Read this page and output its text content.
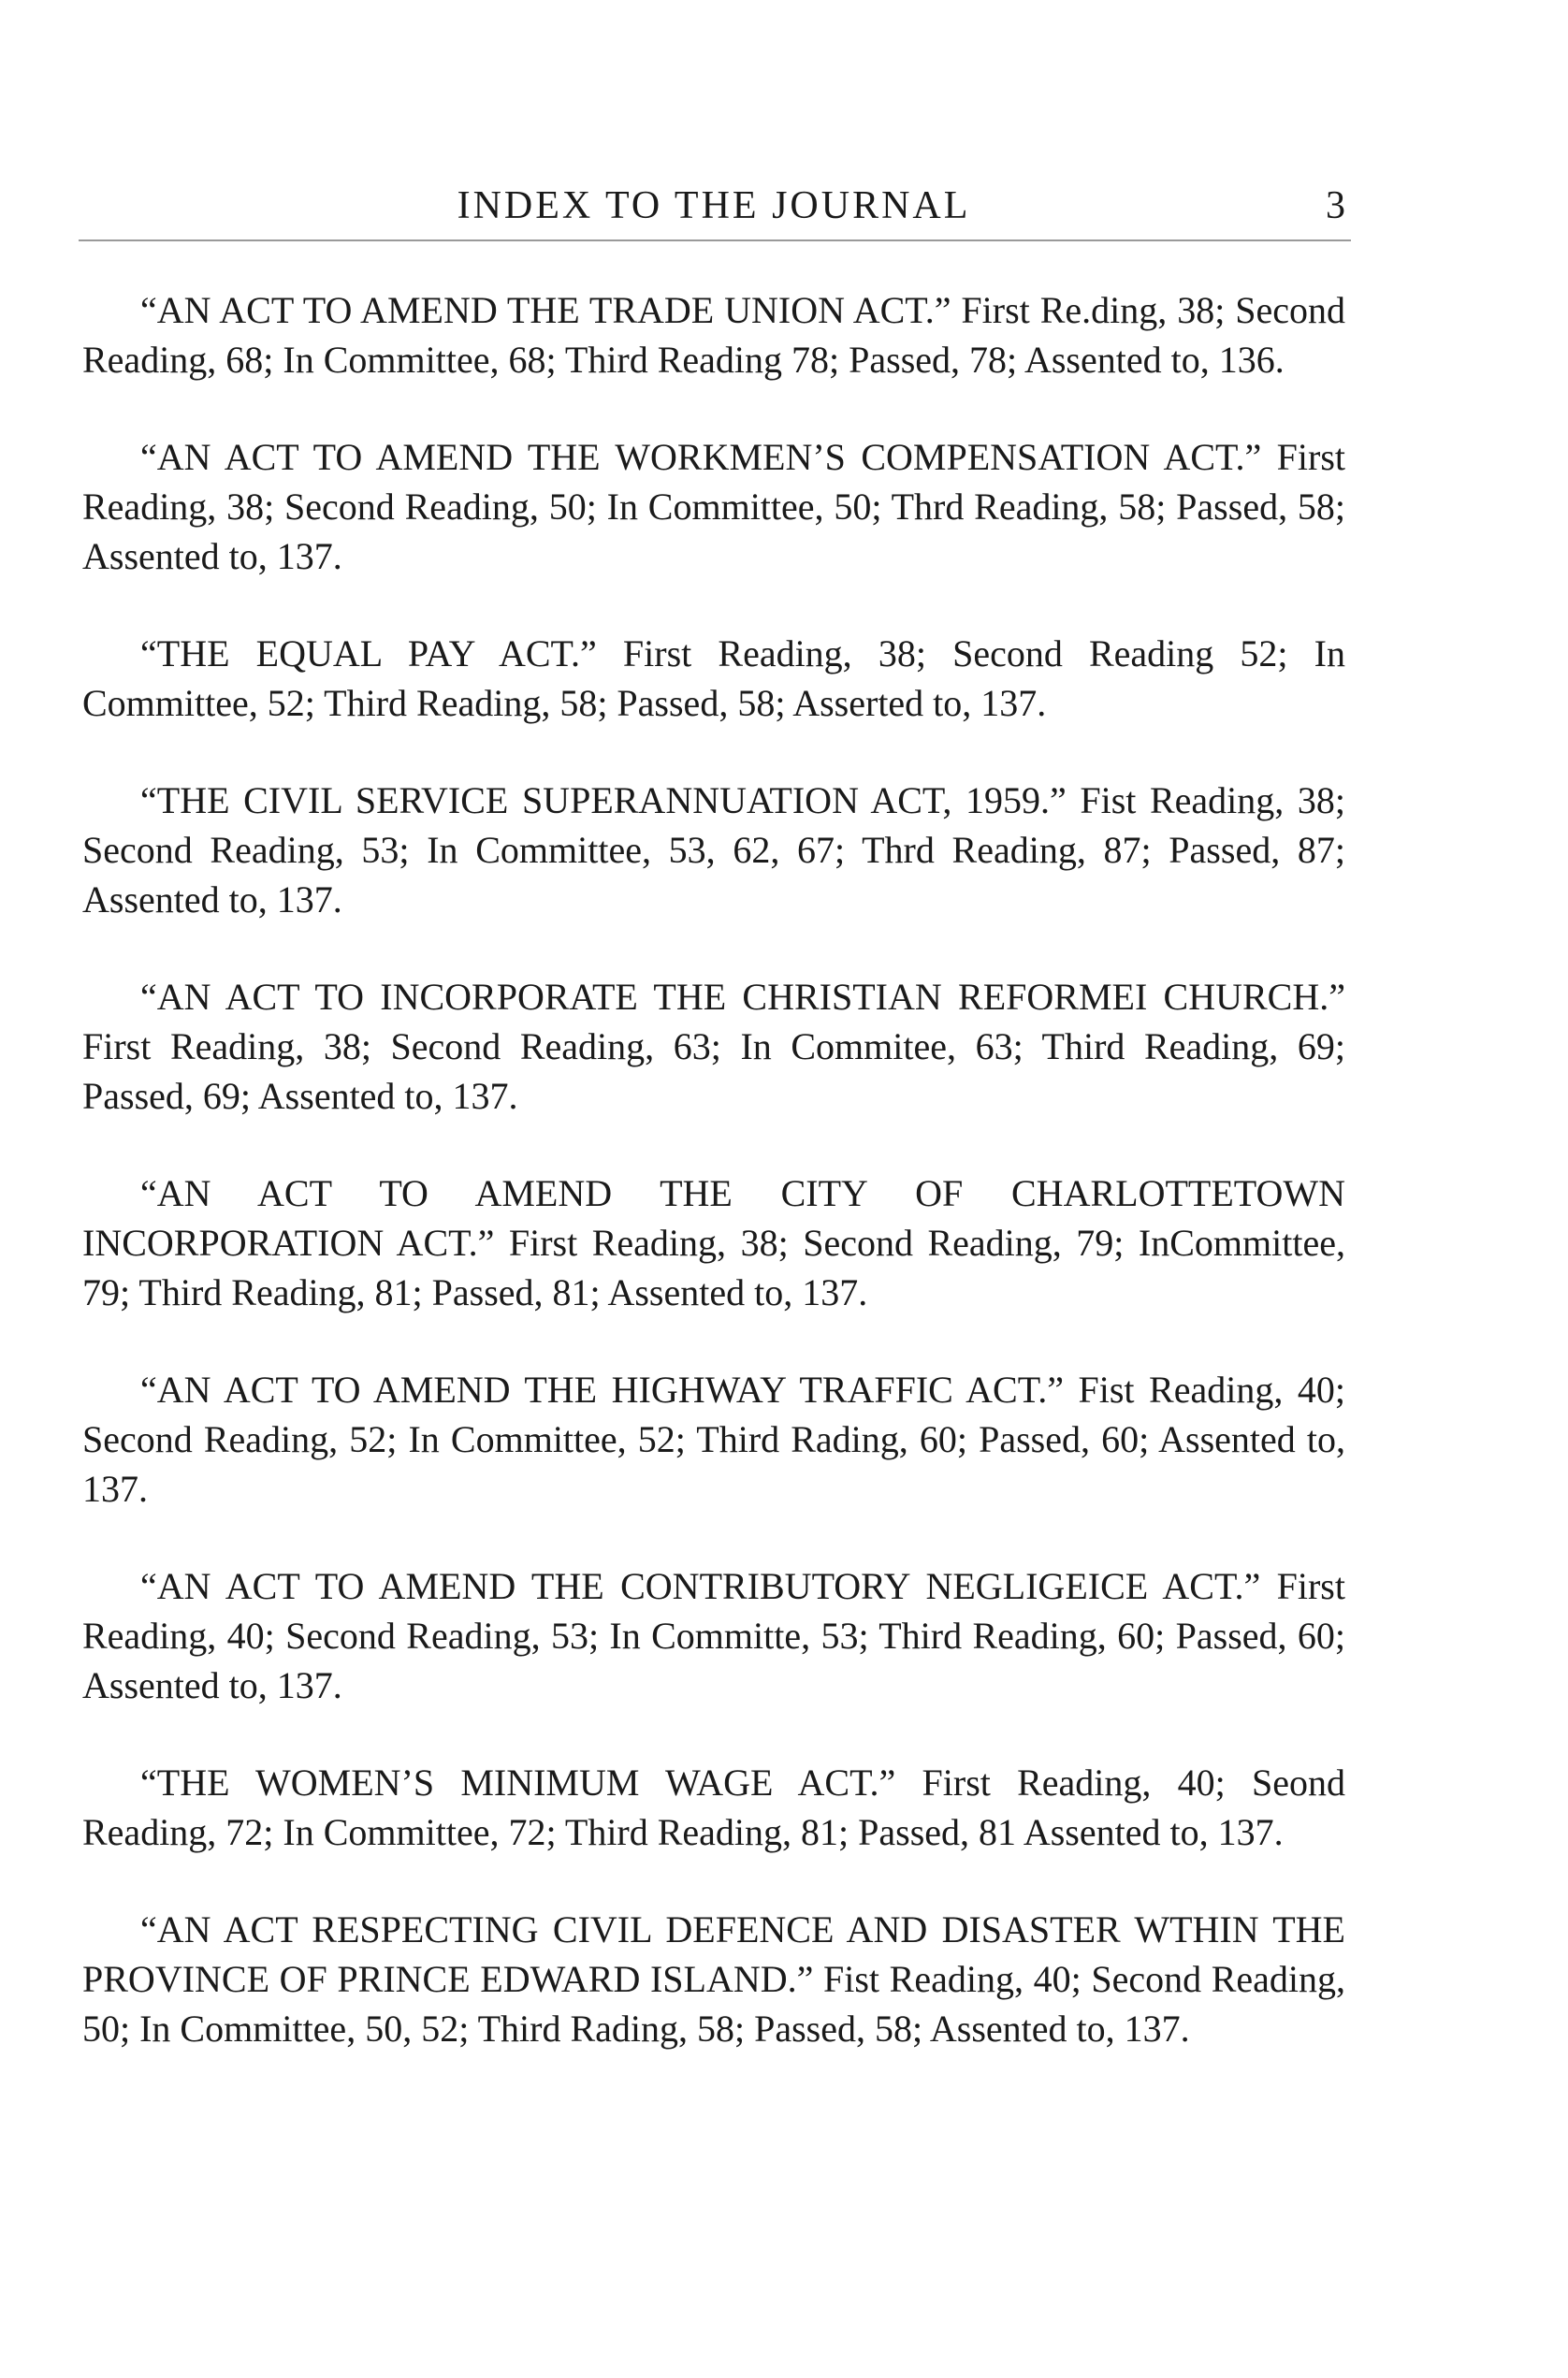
INDEX TO THE JOURNAL	3

“AN ACT TO AMEND THE TRADE UNION ACT.” First Re.ding, 38; Second Reading, 68; In Committee, 68; Third Reading 78; Passed, 78; Assented to, 136.

“AN ACT TO AMEND THE WORKMEN’S COMPENSATION ACT.” First Reading, 38; Second Reading, 50; In Committee, 50; Thrd Reading, 58; Passed, 58; Assented to, 137.

“THE EQUAL PAY ACT.” First Reading, 38; Second Reading 52; In Committee, 52; Third Reading, 58; Passed, 58; Asserted to, 137.

“THE CIVIL SERVICE SUPERANNUATION ACT, 1959.” Fist Reading, 38; Second Reading, 53; In Committee, 53, 62, 67; Thrd Reading, 87; Passed, 87; Assented to, 137.

“AN ACT TO INCORPORATE THE CHRISTIAN REFORMEI CHURCH.” First Reading, 38; Second Reading, 63; In Commitee, 63; Third Reading, 69; Passed, 69; Assented to, 137.

“AN ACT TO AMEND THE CITY OF CHARLOTTETOWN INCORPORATION ACT.” First Reading, 38; Second Reading, 79; InCommittee, 79; Third Reading, 81; Passed, 81; Assented to, 137.

“AN ACT TO AMEND THE HIGHWAY TRAFFIC ACT.” Fist Reading, 40; Second Reading, 52; In Committee, 52; Third Rading, 60; Passed, 60; Assented to, 137.

“AN ACT TO AMEND THE CONTRIBUTORY NEGLIGEICE ACT.” First Reading, 40; Second Reading, 53; In Committe, 53; Third Reading, 60; Passed, 60; Assented to, 137.

“THE WOMEN’S MINIMUM WAGE ACT.” First Reading, 40; Seond Reading, 72; In Committee, 72; Third Reading, 81; Passed, 81 Assented to, 137.

“AN ACT RESPECTING CIVIL DEFENCE AND DISASTER WTHIN THE PROVINCE OF PRINCE EDWARD ISLAND.” Fist Reading, 40; Second Reading, 50; In Committee, 50, 52; Third Rading, 58; Passed, 58; Assented to, 137.
